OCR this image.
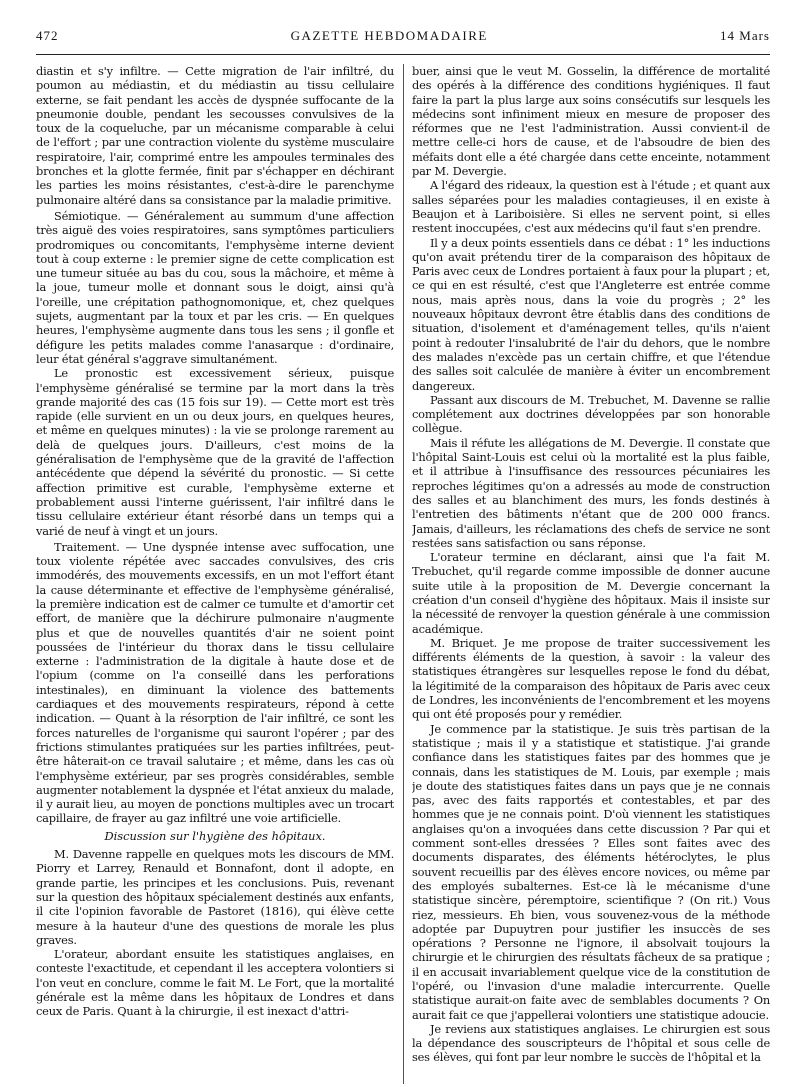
472	GAZETTE HEBDOMADAIRE	14 Mars

diastin et s'y infiltre. — Cette migration de l'air infiltré, du poumon au médiastin, et du médiastin au tissu cellulaire externe, se fait pendant les accès de dyspnée suffocante de la pneumonie double, pendant les secousses convulsives de la toux de la coqueluche, par un mécanisme comparable à celui de l'effort ; par une contraction violente du système musculaire respiratoire, l'air, comprimé entre les ampoules terminales des bronches et la glotte fermée, finit par s'échapper en déchirant les parties les moins résistantes, c'est-à-dire le parenchyme pulmonaire altéré dans sa consistance par la maladie primitive.

Sémiotique. — Généralement au summum d'une affection très aiguë des voies respiratoires, sans symptômes particuliers prodromiques ou concomitants, l'emphysème interne devient tout à coup externe : le premier signe de cette complication est une tumeur située au bas du cou, sous la mâchoire, et même à la joue, tumeur molle et donnant sous le doigt, ainsi qu'à l'oreille, une crépitation pathognomonique, et, chez quelques sujets, augmentant par la toux et par les cris. — En quelques heures, l'emphysème augmente dans tous les sens ; il gonfle et défigure les petits malades comme l'anasarque : d'ordinaire, leur état général s'aggrave simultanément.

Le pronostic est excessivement sérieux, puisque l'emphysème généralisé se termine par la mort dans la très grande majorité des cas (15 fois sur 19). — Cette mort est très rapide (elle survient en un ou deux jours, en quelques heures, et même en quelques minutes) : la vie se prolonge rarement au delà de quelques jours. D'ailleurs, c'est moins de la généralisation de l'emphysème que de la gravité de l'affection antécédente que dépend la sévérité du pronostic. — Si cette affection primitive est curable, l'emphysème externe et probablement aussi l'interne guérissent, l'air infiltré dans le tissu cellulaire extérieur étant résorbé dans un temps qui a varié de neuf à vingt et un jours.

Traitement. — Une dyspnée intense avec suffocation, une toux violente répétée avec saccades convulsives, des cris immodérés, des mouvements excessifs, en un mot l'effort étant la cause déterminante et effective de l'emphysème généralisé, la première indication est de calmer ce tumulte et d'amortir cet effort, de manière que la déchirure pulmonaire n'augmente plus et que de nouvelles quantités d'air ne soient point poussées de l'intérieur du thorax dans le tissu cellulaire externe : l'administration de la digitale à haute dose et de l'opium (comme on l'a conseillé dans les perforations intestinales), en diminuant la violence des battements cardiaques et des mouvements respirateurs, répond à cette indication. — Quant à la résorption de l'air infiltré, ce sont les forces naturelles de l'organisme qui sauront l'opérer ; par des frictions stimulantes pratiquées sur les parties infiltrées, peut-être hâterait-on ce travail salutaire ; et même, dans les cas où l'emphysème extérieur, par ses progrès considérables, semble augmenter notablement la dyspnée et l'état anxieux du malade, il y aurait lieu, au moyen de ponctions multiples avec un trocart capillaire, de frayer au gaz infiltré une voie artificielle.

Discussion sur l'hygiène des hôpitaux.

M. Davenne rappelle en quelques mots les discours de MM. Piorry et Larrey, Renauld et Bonnafont, dont il adopte, en grande partie, les principes et les conclusions. Puis, revenant sur la question des hôpitaux spécialement destinés aux enfants, il cite l'opinion favorable de Pastoret (1816), qui élève cette mesure à la hauteur d'une des questions de morale les plus graves.

L'orateur, abordant ensuite les statistiques anglaises, en conteste l'exactitude, et cependant il les acceptera volontiers si l'on veut en conclure, comme le fait M. Le Fort, que la mortalité générale est la même dans les hôpitaux de Londres et dans ceux de Paris. Quant à la chirurgie, il est inexact d'attri-

buer, ainsi que le veut M. Gosselin, la différence de mortalité des opérés à la différence des conditions hygiéniques. Il faut faire la part la plus large aux soins consécutifs sur lesquels les médecins sont infiniment mieux en mesure de proposer des réformes que ne l'est l'administration. Aussi convient-il de mettre celle-ci hors de cause, et de l'absoudre de bien des méfaits dont elle a été chargée dans cette enceinte, notamment par M. Devergie.

A l'égard des rideaux, la question est à l'étude ; et quant aux salles séparées pour les maladies contagieuses, il en existe à Beaujon et à Lariboisière. Si elles ne servent point, si elles restent inoccupées, c'est aux médecins qu'il faut s'en prendre.

Il y a deux points essentiels dans ce débat : 1° les inductions qu'on avait prétendu tirer de la comparaison des hôpitaux de Paris avec ceux de Londres portaient à faux pour la plupart ; et, ce qui en est résulté, c'est que l'Angleterre est entrée comme nous, mais après nous, dans la voie du progrès ; 2° les nouveaux hôpitaux devront être établis dans des conditions de situation, d'isolement et d'aménagement telles, qu'ils n'aient point à redouter l'insalubrité de l'air du dehors, que le nombre des malades n'excède pas un certain chiffre, et que l'étendue des salles soit calculée de manière à éviter un encombrement dangereux.

Passant aux discours de M. Trebuchet, M. Davenne se rallie complétement aux doctrines développées par son honorable collègue.

Mais il réfute les allégations de M. Devergie. Il constate que l'hôpital Saint-Louis est celui où la mortalité est la plus faible, et il attribue à l'insuffisance des ressources pécuniaires les reproches légitimes qu'on a adressés au mode de construction des salles et au blanchiment des murs, les fonds destinés à l'entretien des bâtiments n'étant que de 200 000 francs. Jamais, d'ailleurs, les réclamations des chefs de service ne sont restées sans satisfaction ou sans réponse.

L'orateur termine en déclarant, ainsi que l'a fait M. Trebuchet, qu'il regarde comme impossible de donner aucune suite utile à la proposition de M. Devergie concernant la création d'un conseil d'hygiène des hôpitaux. Mais il insiste sur la nécessité de renvoyer la question générale à une commission académique.

M. Briquet. Je me propose de traiter successivement les différents éléments de la question, à savoir : la valeur des statistiques étrangères sur lesquelles repose le fond du débat, la légitimité de la comparaison des hôpitaux de Paris avec ceux de Londres, les inconvénients de l'encombrement et les moyens qui ont été proposés pour y remédier.

Je commence par la statistique. Je suis très partisan de la statistique ; mais il y a statistique et statistique. J'ai grande confiance dans les statistiques faites par des hommes que je connais, dans les statistiques de M. Louis, par exemple ; mais je doute des statistiques faites dans un pays que je ne connais pas, avec des faits rapportés et contestables, et par des hommes que je ne connais point. D'où viennent les statistiques anglaises qu'on a invoquées dans cette discussion ? Par qui et comment sont-elles dressées ? Elles sont faites avec des documents disparates, des éléments hétéroclytes, le plus souvent recueillis par des élèves encore novices, ou même par des employés subalternes. Est-ce là le mécanisme d'une statistique sincère, péremptoire, scientifique ? (On rit.) Vous riez, messieurs. Eh bien, vous souvenez-vous de la méthode adoptée par Dupuytren pour justifier les insuccès de ses opérations ? Personne ne l'ignore, il absolvait toujours la chirurgie et le chirurgien des résultats fâcheux de sa pratique ; il en accusait invariablement quelque vice de la constitution de l'opéré, ou l'invasion d'une maladie intercurrente. Quelle statistique aurait-on faite avec de semblables documents ? On aurait fait ce que j'appellerai volontiers une statistique adoucie.

Je reviens aux statistiques anglaises. Le chirurgien est sous la dépendance des souscripteurs de l'hôpital et sous celle de ses élèves, qui font par leur nombre le succès de l'hôpital et la
